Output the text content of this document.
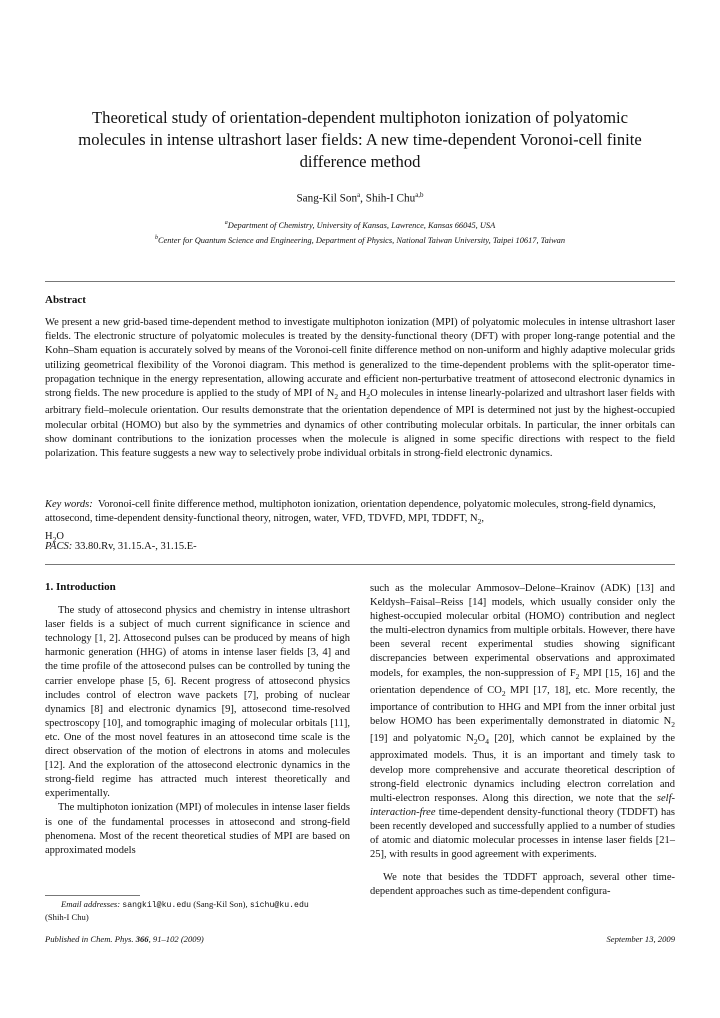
Theoretical study of orientation-dependent multiphoton ionization of polyatomic molecules in intense ultrashort laser fields: A new time-dependent Voronoi-cell finite difference method
Sang-Kil Son$^a$, Shih-I Chu$^{a,b}$
$^a$Department of Chemistry, University of Kansas, Lawrence, Kansas 66045, USA
$^b$Center for Quantum Science and Engineering, Department of Physics, National Taiwan University, Taipei 10617, Taiwan
Abstract
We present a new grid-based time-dependent method to investigate multiphoton ionization (MPI) of polyatomic molecules in intense ultrashort laser fields. The electronic structure of polyatomic molecules is treated by the density-functional theory (DFT) with proper long-range potential and the Kohn–Sham equation is accurately solved by means of the Voronoi-cell finite difference method on non-uniform and highly adaptive molecular grids utilizing geometrical flexibility of the Voronoi diagram. This method is generalized to the time-dependent problems with the split-operator time-propagation technique in the energy representation, allowing accurate and efficient non-perturbative treatment of attosecond electronic dynamics in strong fields. The new procedure is applied to the study of MPI of $N_2$ and $H_2O$ molecules in intense linearly-polarized and ultrashort laser fields with arbitrary field–molecule orientation. Our results demonstrate that the orientation dependence of MPI is determined not just by the highest-occupied molecular orbital (HOMO) but also by the symmetries and dynamics of other contributing molecular orbitals. In particular, the inner orbitals can show dominant contributions to the ionization processes when the molecule is aligned in some specific directions with respect to the field polarization. This feature suggests a new way to selectively probe individual orbitals in strong-field electronic dynamics.
Key words: Voronoi-cell finite difference method, multiphoton ionization, orientation dependence, polyatomic molecules, strong-field dynamics, attosecond, time-dependent density-functional theory, nitrogen, water, VFD, TDVFD, MPI, TDDFT, $N_2$,
$H_2O$
PACS: 33.80.Rv, 31.15.A-, 31.15.E-
1. Introduction

The study of attosecond physics and chemistry in intense ultrashort laser fields is a subject of much current significance in science and technology [1, 2]. Attosecond pulses can be produced by means of high harmonic generation (HHG) of atoms in intense laser fields [3, 4] and the time profile of the attosecond pulses can be controlled by tuning the carrier envelope phase [5, 6]. Recent progress of attosecond physics includes control of electron wave packets [7], probing of nuclear dynamics [8] and electronic dynamics [9], attosecond time-resolved spectroscopy [10], and tomographic imaging of molecular orbitals [11], etc. One of the most novel features in an attosecond time scale is the direct observation of the motion of electrons in atoms and molecules [12]. And the exploration of the attosecond electronic dynamics in the strong-field regime has attracted much interest theoretically and experimentally.

The multiphoton ionization (MPI) of molecules in intense laser fields is one of the fundamental processes in attosecond and strong-field phenomena. Most of the recent theoretical studies of MPI are based on approximated models

such as the molecular Ammosov–Delone–Krainov (ADK) [13] and Keldysh–Faisal–Reiss [14] models, which usually consider only the highest-occupied molecular orbital (HOMO) contribution and neglect the multi-electron dynamics from multiple orbitals. However, there have been several recent experimental studies showing significant discrepancies between experimental observations and approximated models, for examples, the non-suppression of $F_2$ MPI [15, 16] and the orientation dependence of $CO_2$ MPI [17, 18], etc. More recently, the importance of contribution to HHG and MPI from the inner orbital just below HOMO has been experimentally demonstrated in diatomic $N_2$ [19] and polyatomic $N_2O_4$ [20], which cannot be explained by the approximated models. Thus, it is an important and timely task to develop more comprehensive and accurate theoretical description of strong-field electronic dynamics including electron correlation and multi-electron responses. Along this direction, we note that the self-interaction-free time-dependent density-functional theory (TDDFT) has been recently developed and successfully applied to a number of studies of atomic and diatomic molecular processes in intense laser fields [21–25], with results in good agreement with experiments.

We note that besides the TDDFT approach, several other time-dependent approaches such as time-dependent configura-

Email addresses: sangkil@ku.edu (Sang-Kil Son), sichu@ku.edu
(Shih-I Chu)
Published in Chem. Phys. 366, 91–102 (2009)	September 13, 2009
